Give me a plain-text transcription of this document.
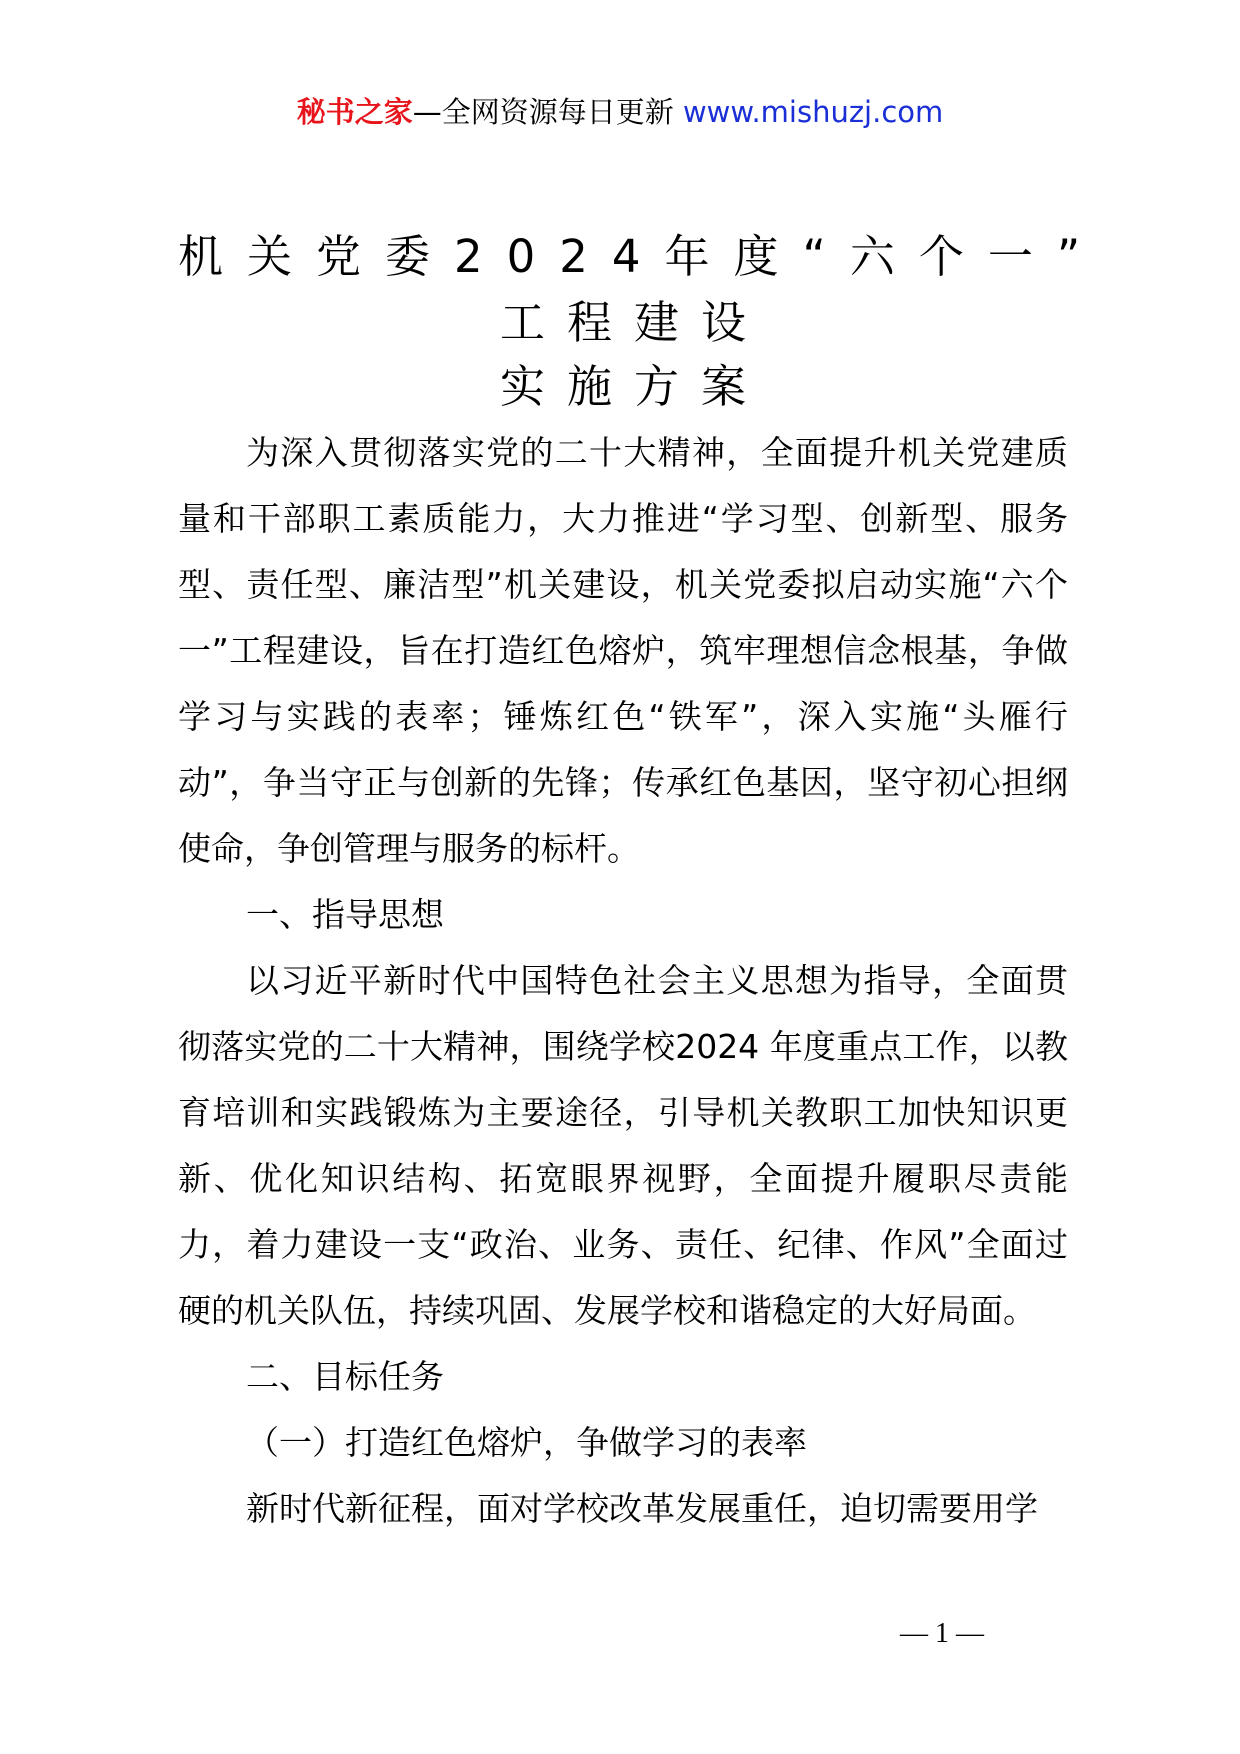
秘书之家—全网资源每日更新 www.mishuzj.com
机关党委2024年度“六个一”
工程建设
实施方案

为深入贯彻落实党的二十大精神，全面提升机关党建质量和干部职工素质能力，大力推进“学习型、创新型、服务型、责任型、廉洁型”机关建设，机关党委拟启动实施“六个一”工程建设，旨在打造红色熔炉，筑牢理想信念根基，争做学习与实践的表率；锤炼红色“铁军”，深入实施“头雁行动”，争当守正与创新的先锋；传承红色基因，坚守初心担纲使命，争创管理与服务的标杆。

一、指导思想

以习近平新时代中国特色社会主义思想为指导，全面贯彻落实党的二十大精神，围绕学校2024 年度重点工作，以教育培训和实践锻炼为主要途径，引导机关教职工加快知识更新、优化知识结构、拓宽眼界视野，全面提升履职尽责能力，着力建设一支“政治、业务、责任、纪律、作风”全面过硬的机关队伍，持续巩固、发展学校和谐稳定的大好局面。

二、目标任务

（一）打造红色熔炉，争做学习的表率

新时代新征程，面对学校改革发展重任，迫切需要用学

— 1 —
